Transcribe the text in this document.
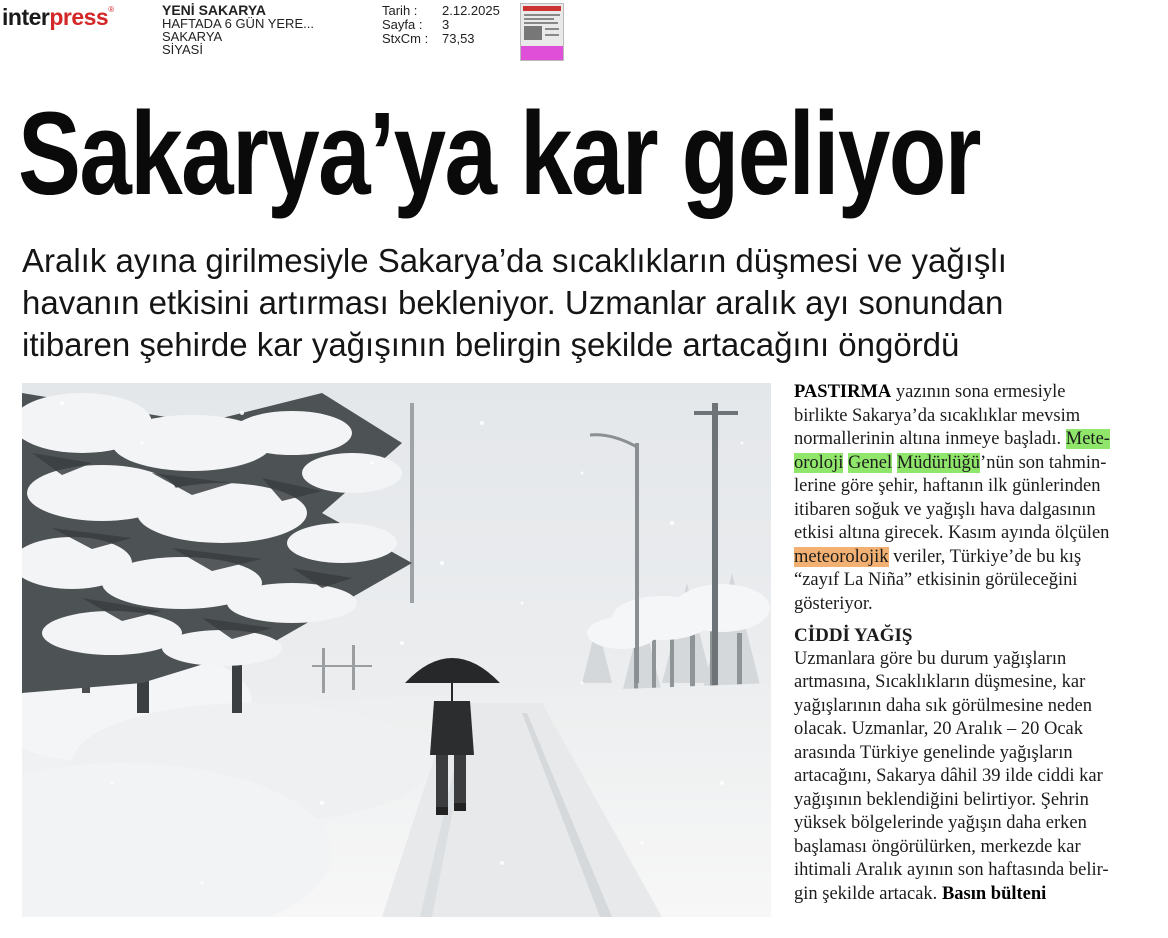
interpress®	YENİ SAKARYA
HAFTADA 6 GÜN YERE...
SAKARYA
SİYASİ
Tarih :	2.12.2025
Sayfa :	3
StxCm :	73,53
Sakarya’ya kar geliyor
Aralık ayına girilmesiyle Sakarya’da sıcaklıkların düşmesi ve yağışlı
havanın etkisini artırması bekleniyor. Uzmanlar aralık ayı sonundan
itibaren şehirde kar yağışının belirgin şekilde artacağını öngördü
PASTIRMA yazının sona ermesiyle
birlikte Sakarya’da sıcaklıklar mevsim
normallerinin altına inmeye başladı. Mete-
oroloji Genel Müdürlüğü’nün son tahmin-
lerine göre şehir, haftanın ilk günlerinden
itibaren soğuk ve yağışlı hava dalgasının
etkisi altına girecek. Kasım ayında ölçülen
meteorolojik veriler, Türkiye’de bu kış
“zayıf La Niña” etkisinin görüleceğini
gösteriyor.
CİDDİ YAĞIŞ
Uzmanlara göre bu durum yağışların
artmasına, Sıcaklıkların düşmesine, kar
yağışlarının daha sık görülmesine neden
olacak. Uzmanlar, 20 Aralık – 20 Ocak
arasında Türkiye genelinde yağışların
artacağını, Sakarya dâhil 39 ilde ciddi kar
yağışının beklendiğini belirtiyor. Şehrin
yüksek bölgelerinde yağışın daha erken
başlaması öngörülürken, merkezde kar
ihtimali Aralık ayının son haftasında belir-
gin şekilde artacak. Basın bülteni
